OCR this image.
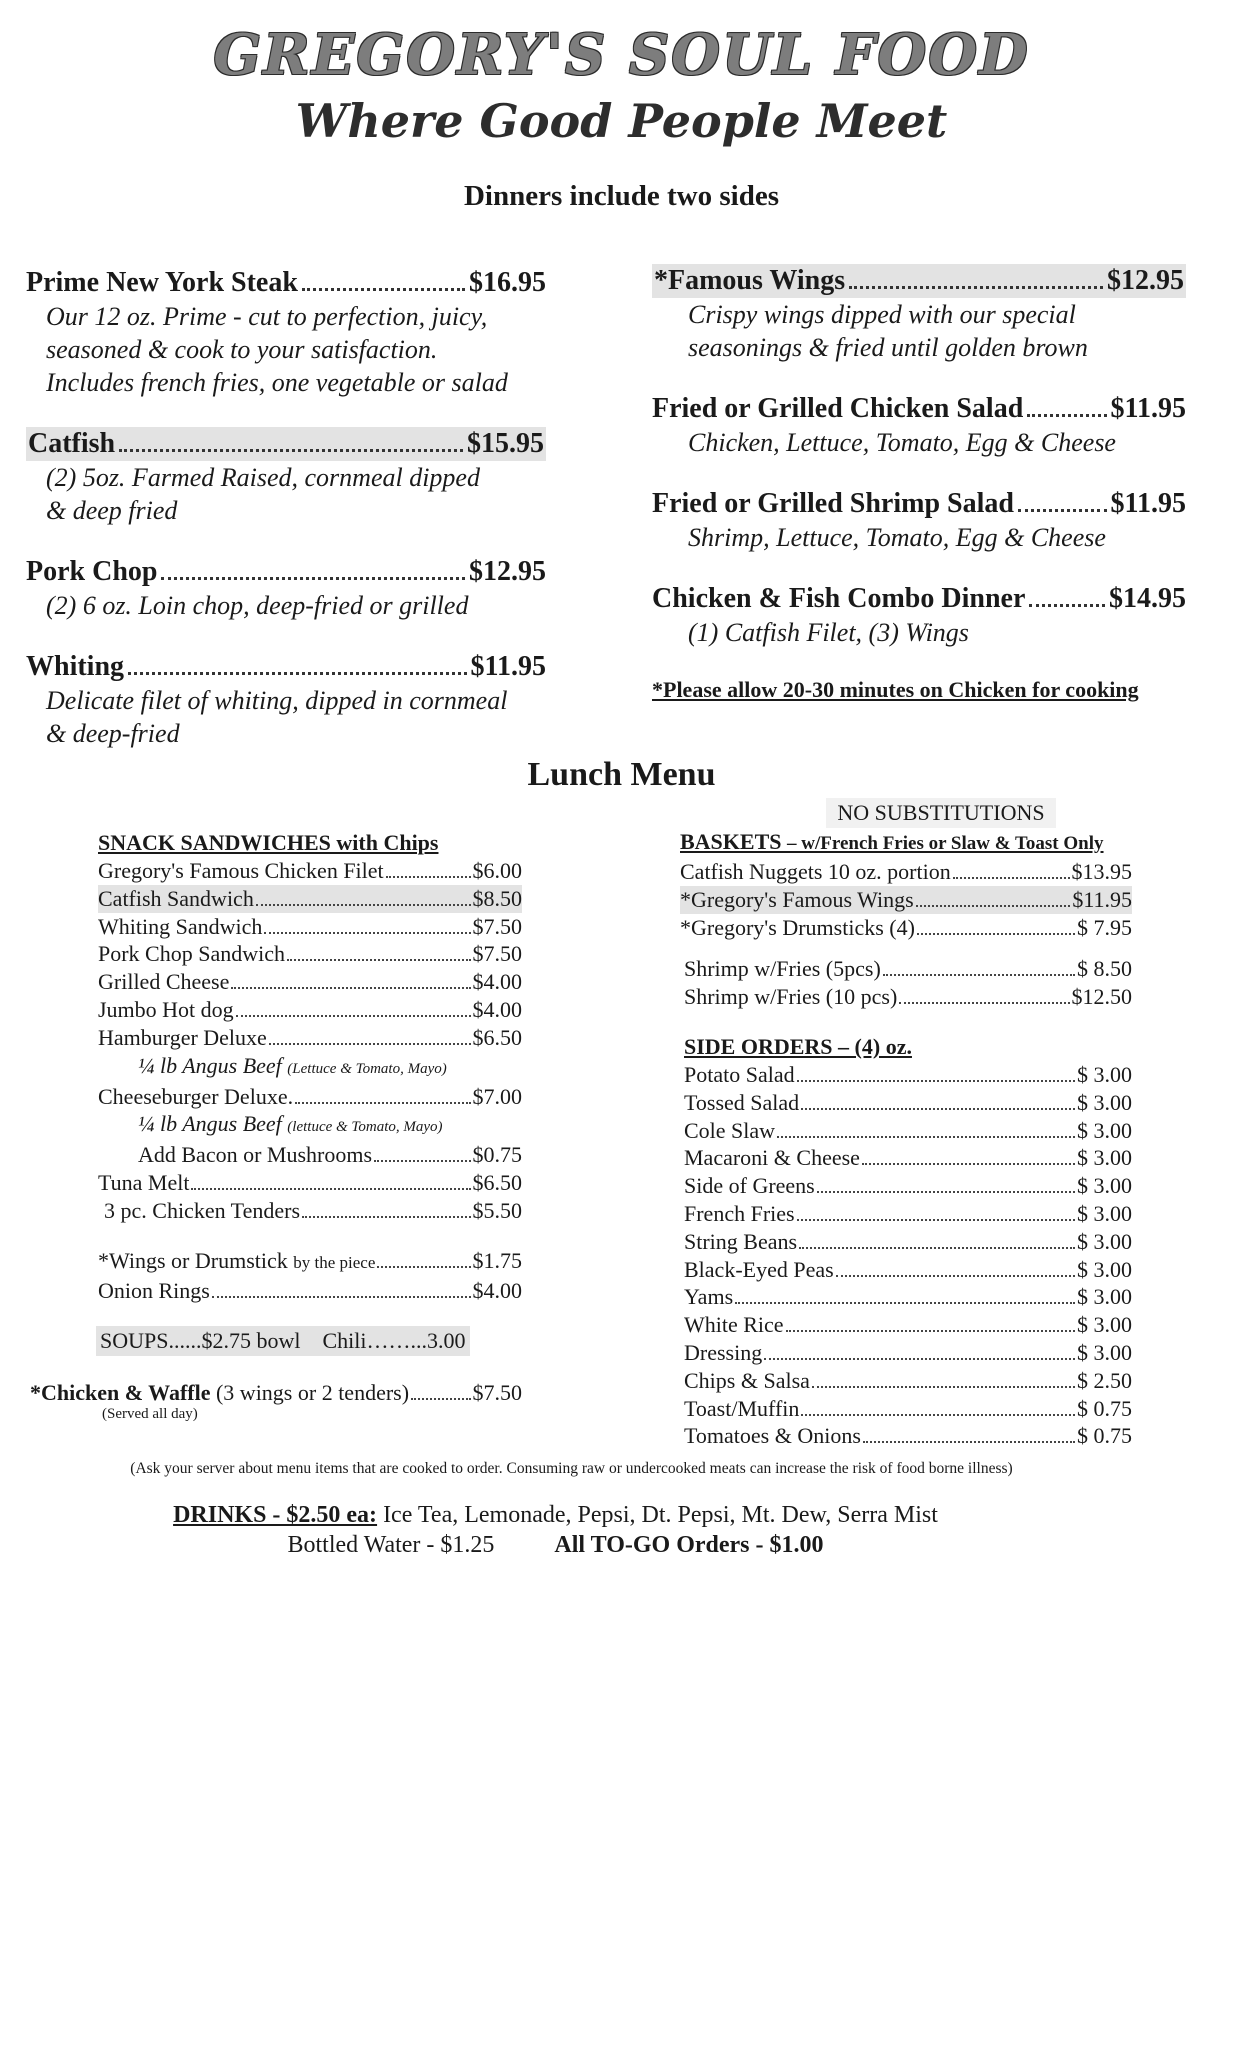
GREGORY'S SOUL FOOD
Where Good People Meet
Dinners include two sides
Prime New York Steak	$16.95
Our 12 oz. Prime - cut to perfection, juicy,
seasoned & cook to your satisfaction.
Includes french fries, one vegetable or salad
Catfish	$15.95
(2) 5oz. Farmed Raised, cornmeal dipped
& deep fried
Pork Chop	$12.95
(2) 6 oz. Loin chop, deep-fried or grilled
Whiting	$11.95
Delicate filet of whiting, dipped in cornmeal
& deep-fried
*Famous Wings	$12.95
Crispy wings dipped with our special
seasonings & fried until golden brown
Fried or Grilled Chicken Salad	$11.95
Chicken, Lettuce, Tomato, Egg & Cheese
Fried or Grilled Shrimp Salad	$11.95
Shrimp, Lettuce, Tomato, Egg & Cheese
Chicken & Fish Combo Dinner	$14.95
(1) Catfish Filet, (3) Wings
*Please allow 20-30 minutes on Chicken for cooking
Lunch Menu
SNACK SANDWICHES with Chips
Gregory's Famous Chicken Filet	$6.00
Catfish Sandwich	$8.50
Whiting Sandwich	$7.50
Pork Chop Sandwich	$7.50
Grilled Cheese	$4.00
Jumbo Hot dog	$4.00
Hamburger Deluxe	$6.50
¼ lb Angus Beef (Lettuce & Tomato, Mayo)
Cheeseburger Deluxe.	$7.00
¼ lb Angus Beef (lettuce & Tomato, Mayo)
Add Bacon or Mushrooms	$0.75
Tuna Melt	$6.50
3 pc. Chicken Tenders	$5.50
*Wings or Drumstick
by the piece	$1.75
Onion Rings	$4.00
SOUPS......$2.75 bowl Chili……...3.00
*Chicken & Waffle
(3 wings or 2 tenders)	$7.50
(Served all day)
NO SUBSTITUTIONS
BASKETS – w/French Fries or Slaw & Toast Only
Catfish Nuggets 10 oz. portion	$13.95
*Gregory's Famous Wings	$11.95
*Gregory's Drumsticks (4)	$ 7.95
Shrimp w/Fries (5pcs)	$ 8.50
Shrimp w/Fries (10 pcs)	$12.50
SIDE ORDERS – (4) oz.
Potato Salad	$ 3.00
Tossed Salad	$ 3.00
Cole Slaw	$ 3.00
Macaroni & Cheese	$ 3.00
Side of Greens	$ 3.00
French Fries	$ 3.00
String Beans	$ 3.00
Black-Eyed Peas	$ 3.00
Yams	$ 3.00
White Rice	$ 3.00
Dressing	$ 3.00
Chips & Salsa	$ 2.50
Toast/Muffin	$ 0.75
Tomatoes & Onions	$ 0.75
(Ask your server about menu items that are cooked to order. Consuming raw or undercooked meats can increase the risk of food borne illness)
DRINKS - $2.50 ea: Ice Tea, Lemonade, Pepsi, Dt. Pepsi, Mt. Dew, Serra Mist
Bottled Water - $1.25	All TO-GO Orders - $1.00
